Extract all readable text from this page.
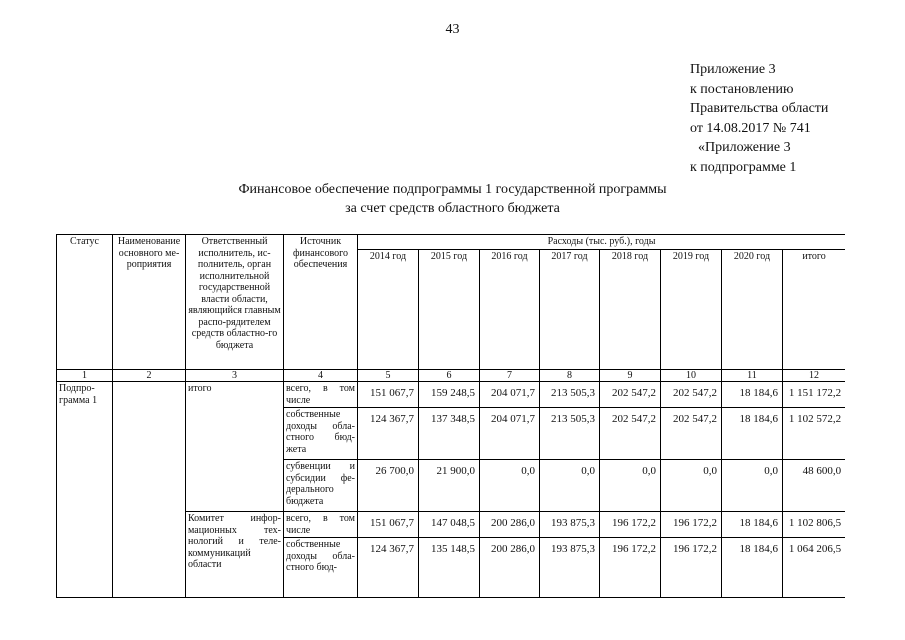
43
Приложение 3
к постановлению
Правительства области
от 14.08.2017 № 741
«Приложение 3
к подпрограмме 1
Финансовое обеспечение подпрограммы 1 государственной программы
за счет средств областного бюджета
Статус	Наименование основного ме-роприятия	Ответственный исполнитель, ис-полнитель, орган исполнительной государственной власти области, являющийся главным распо-рядителем средств областно-го бюджета	Источник финансового обеспечения	Расходы (тыс. руб.), годы							
				2014 год	2015 год	2016 год	2017 год	2018 год	2019 год	2020 год	итого
1	2	3	4	5	6	7	8	9	10	11	12
Подпро-грамма 1		итого	всего, в том числе	151 067,7	159 248,5	204 071,7	213 505,3	202 547,2	202 547,2	18 184,6	1 151 172,2
			собственные доходы обла-стного бюд-жета	124 367,7	137 348,5	204 071,7	213 505,3	202 547,2	202 547,2	18 184,6	1 102 572,2
			субвенции и субсидии фе-дерального бюджета	26 700,0	21 900,0	0,0	0,0	0,0	0,0	0,0	48 600,0
		Комитет инфор-мационных тех-нологий и теле-коммуникаций области	всего, в том числе	151 067,7	147 048,5	200 286,0	193 875,3	196 172,2	196 172,2	18 184,6	1 102 806,5
			собственные доходы обла-стного бюд-	124 367,7	135 148,5	200 286,0	193 875,3	196 172,2	196 172,2	18 184,6	1 064 206,5
